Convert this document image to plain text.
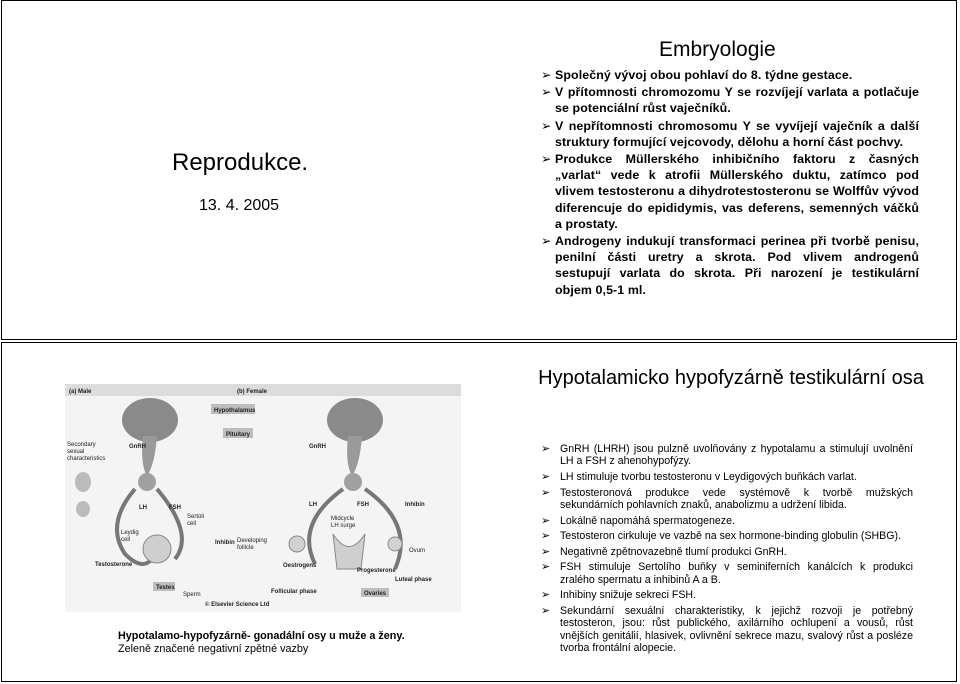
Reprodukce.
13. 4. 2005
Embryologie
➢ Společný vývoj obou pohlaví do 8. týdne gestace.
➢ V přítomnosti chromozomu Y se rozvíjejí varlata a potlačuje se potenciální růst vaječníků.
➢ V nepřítomnosti chromosomu Y se vyvíjejí vaječník a další struktury formující vejcovody, dělohu a horní část pochvy.
➢ Produkce Müllerského inhibičního faktoru z časných „varlat“ vede k atrofii Müllerského duktu, zatímco pod vlivem testosteronu a dihydrotestosteronu se Wolffův vývod diferencuje do epididymis, vas deferens, semenných váčků a prostaty.
➢ Androgeny indukují transformaci perinea při tvorbě penisu, penilní části uretry a skrota. Pod vlivem androgenů sestupují varlata do skrota. Při narození je testikulární objem 0,5-1 ml.
Hypotalamicko hypofyzárně testikulární osa
(a) Male	(b) Female
Hypothalamus
Pituitary
GnRH
LH	FSH
Secondary
sexual
characteristics
Leydig
cell
Sertoli
cell
Inhibin
Testosterone
Testes
Sperm
GnRH
LH	FSH	Inhibin
Midcycle
LH surge
Developing
follicle	Ovum
Oestrogens
Progesterone
Luteal phase
Follicular phase	Ovaries
© Elsevier Science Ltd
Hypotalamo-hypofyzárně- gonadální osy u muže a ženy.
Zeleně značené negativní zpětné vazby
➢ GnRH (LHRH) jsou pulzně uvolňovány z hypotalamu a stimulují uvolnění LH a FSH z ahenohypofýzy.
➢ LH stimuluje tvorbu testosteronu v Leydigových buňkách varlat.
➢ Testosteronová produkce vede systémově k tvorbě mužských sekundárních pohlavních znaků, anabolizmu a udržení libida.
➢ Lokálně napomáhá spermatogeneze.
➢ Testosteron cirkuluje ve vazbě na sex hormone-binding globulin (SHBG).
➢ Negativně zpětnovazebně tlumí produkci GnRH.
➢ FSH stimuluje Sertolího buňky v seminiferních kanálcích k produkci zralého spermatu a inhibinů A a B.
➢ Inhibiny snižuje sekreci FSH.
➢ Sekundární sexuální charakteristiky, k jejichž rozvoji je potřebný testosteron, jsou: růst publického, axilárního ochlupení a vousů, růst vnějších genitálií, hlasivek, ovlivnění sekrece mazu, svalový růst a posléze tvorba frontální alopecie.
